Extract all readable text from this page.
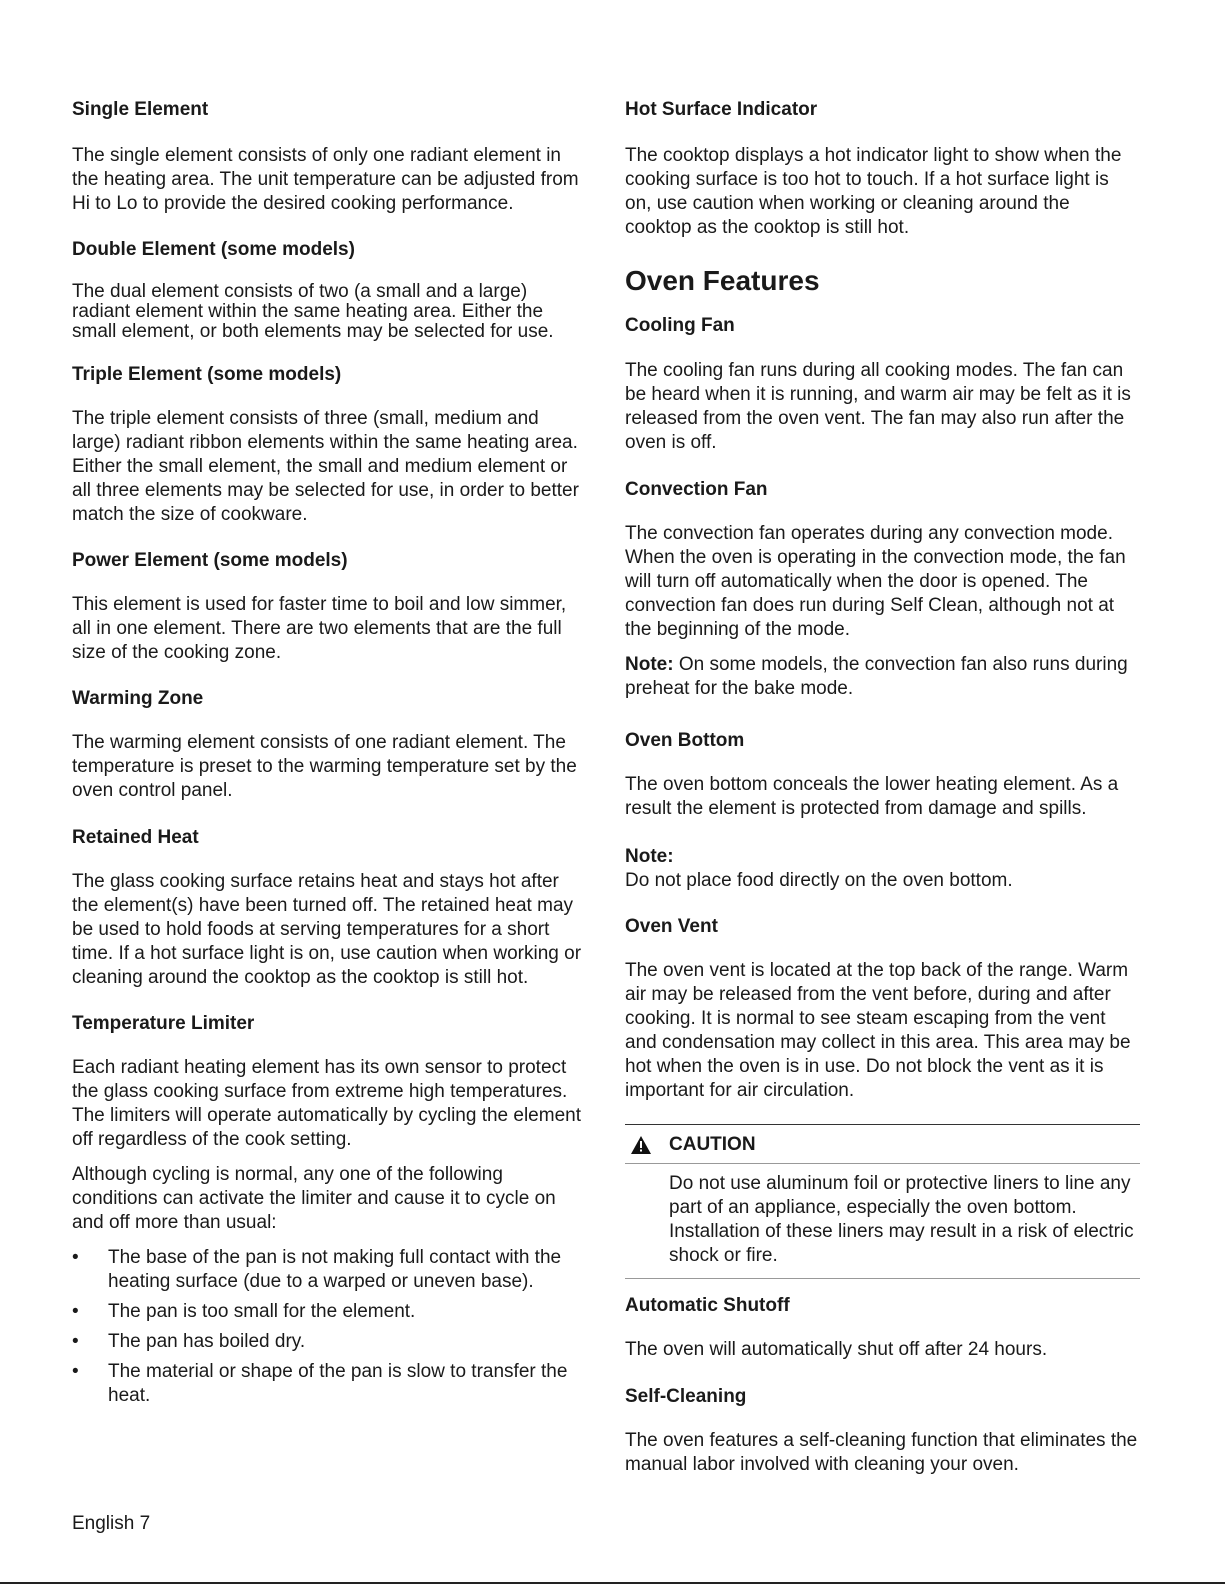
Single Element

The single element consists of only one radiant element in the heating area. The unit temperature can be adjusted from Hi to Lo to provide the desired cooking performance.

Double Element (some models)

The dual element consists of two (a small and a large) radiant element within the same heating area. Either the small element, or both elements may be selected for use.

Triple Element (some models)

The triple element consists of three (small, medium and large) radiant ribbon elements within the same heating area. Either the small element, the small and medium element or all three elements may be selected for use, in order to better match the size of cookware.

Power Element (some models)

This element is used for faster time to boil and low simmer, all in one element. There are two elements that are the full size of the cooking zone.

Warming Zone

The warming element consists of one radiant element. The temperature is preset to the warming temperature set by the oven control panel.

Retained Heat

The glass cooking surface retains heat and stays hot after the element(s) have been turned off. The retained heat may be used to hold foods at serving temperatures for a short time. If a hot surface light is on, use caution when working or cleaning around the cooktop as the cooktop is still hot.

Temperature Limiter

Each radiant heating element has its own sensor to protect the glass cooking surface from extreme high temperatures. The limiters will operate automatically by cycling the element off regardless of the cook setting.

Although cycling is normal, any one of the following conditions can activate the limiter and cause it to cycle on and off more than usual:

• The base of the pan is not making full contact with the heating surface (due to a warped or uneven base).
• The pan is too small for the element.
• The pan has boiled dry.
• The material or shape of the pan is slow to transfer the heat.

Hot Surface Indicator

The cooktop displays a hot indicator light to show when the cooking surface is too hot to touch. If a hot surface light is on, use caution when working or cleaning around the cooktop as the cooktop is still hot.

Oven Features

Cooling Fan

The cooling fan runs during all cooking modes. The fan can be heard when it is running, and warm air may be felt as it is released from the oven vent. The fan may also run after the oven is off.

Convection Fan

The convection fan operates during any convection mode. When the oven is operating in the convection mode, the fan will turn off automatically when the door is opened. The convection fan does run during Self Clean, although not at the beginning of the mode.

Note: On some models, the convection fan also runs during preheat for the bake mode.

Oven Bottom

The oven bottom conceals the lower heating element. As a result the element is protected from damage and spills.

Note:

Do not place food directly on the oven bottom.

Oven Vent

The oven vent is located at the top back of the range. Warm air may be released from the vent before, during and after cooking. It is normal to see steam escaping from the vent and condensation may collect in this area. This area may be hot when the oven is in use. Do not block the vent as it is important for air circulation.

CAUTION
Do not use aluminum foil or protective liners to line any part of an appliance, especially the oven bottom. Installation of these liners may result in a risk of electric shock or fire.

Automatic Shutoff

The oven will automatically shut off after 24 hours.

Self-Cleaning

The oven features a self-cleaning function that eliminates the manual labor involved with cleaning your oven.

English 7
